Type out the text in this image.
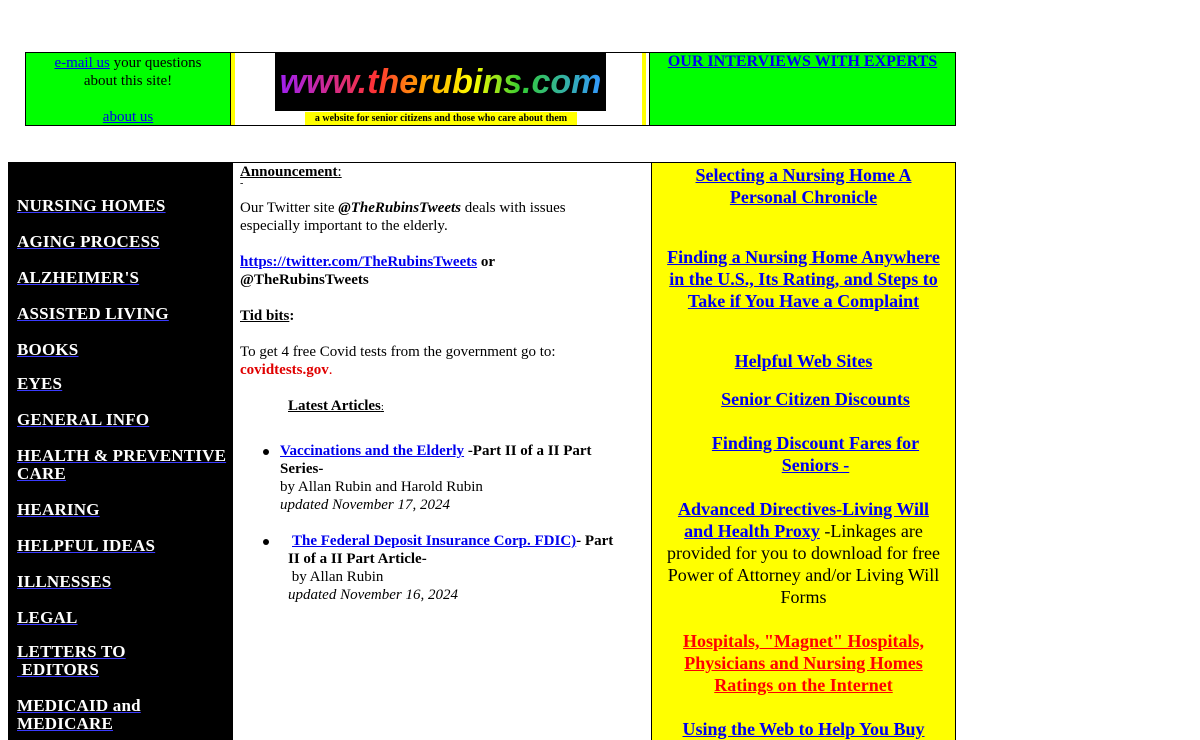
e-mail us your questions
about this site!
about us
www.therubins.com
a website for senior citizens and those who care about them
OUR INTERVIEWS WITH EXPERTS
NURSING HOMES
AGING PROCESS
ALZHEIMER'S
ASSISTED LIVING
BOOKS
EYES
GENERAL INFO
HEALTH & PREVENTIVE
CARE
HEARING
HELPFUL IDEAS
ILLNESSES
LEGAL
LETTERS TO
EDITORS
MEDICAID and
MEDICARE
Announcement:
-
Our Twitter site @TheRubinsTweets deals with issues
especially important to the elderly.
https://twitter.com/TheRubinsTweets or
@TheRubinsTweets
Tid bits:
To get 4 free Covid tests from the government go to:
covidtests.gov.
Latest Articles:
Vaccinations and the Elderly -Part II of a II Part
Series-
by Allan Rubin and Harold Rubin
updated November 17, 2024
The Federal Deposit Insurance Corp. FDIC)- Part
II of a II Part Article-
by Allan Rubin
updated November 16, 2024
Selecting a Nursing Home A
Personal Chronicle
Finding a Nursing Home Anywhere
in the U.S., Its Rating, and Steps to
Take if You Have a Complaint
Helpful Web Sites
Senior Citizen Discounts
Finding Discount Fares for
Seniors -
Advanced Directives-Living Will
and Health Proxy -Linkages are
provided for you to download for free
Power of Attorney and/or Living Will
Forms
Hospitals, "Magnet" Hospitals,
Physicians and Nursing Homes
Ratings on the Internet
Using the Web to Help You Buy
